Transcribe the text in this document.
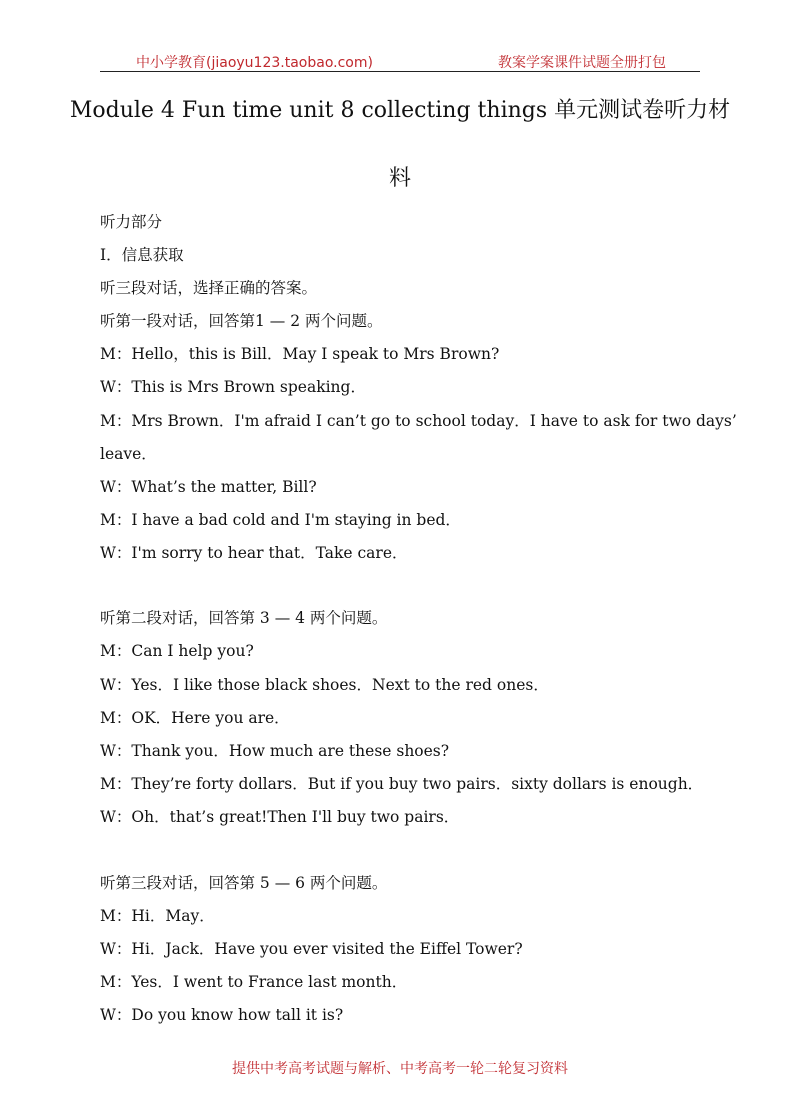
中小学教育(jiaoyu123.taobao.com)	教案学案课件试题全册打包
Module 4 Fun time unit 8 collecting things 单元测试卷听力材
料
听力部分
I．信息获取
听三段对话，选择正确的答案。
听第一段对话，回答第1 — 2 两个问题。
M：Hello，this is Bill．May I speak to Mrs Brown?
W：This is Mrs Brown speaking．
M：Mrs Brown．I'm afraid I can’t go to school today．I have to ask for two days’
leave．
W：What’s the matter, Bill?
M：I have a bad cold and I'm staying in bed．
W：I'm sorry to hear that．Take care．
听第二段对话，回答第 3 — 4 两个问题。
M：Can I help you?
W：Yes．I like those black shoes．Next to the red ones．
M：OK．Here you are．
W：Thank you．How much are these shoes?
M：They’re forty dollars．But if you buy two pairs．sixty dollars is enough．
W：Oh．that’s great!Then I'll buy two pairs．
听第三段对话，回答第 5 — 6 两个问题。
M：Hi．May．
W：Hi．Jack．Have you ever visited the Eiffel Tower?
M：Yes．I went to France last month．
W：Do you know how tall it is?
提供中考高考试题与解析、中考高考一轮二轮复习资料
